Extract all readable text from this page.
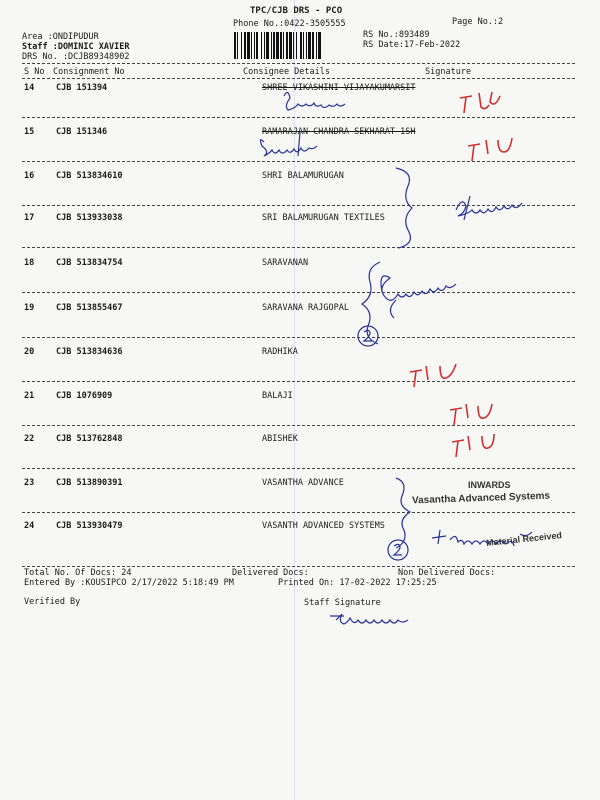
TPC/CJB DRS - PCO
Phone No.:0422-3505555	Page No.:2
RS No.:893489
RS Date:17-Feb-2022
Area :ONDIPUDUR
Staff :DOMINIC XAVIER
DRS No. :DCJB89348902
S No Consignment No	Consignee Details	Signature
14	CJB 151394	SHREE VIKASHINI VIJAYAKUMARSIT
15	CJB 151346	RAMARAJAN CHANDRA SEKHARAT 1SH
16	CJB 513834610	SHRI BALAMURUGAN
17	CJB 513933038	SRI BALAMURUGAN TEXTILES
18	CJB 513834754	SARAVANAN
19	CJB 513855467	SARAVANA RAJGOPAL
20	CJB 513834636	RADHIKA
21	CJB 1076909	BALAJI
22	CJB 513762848	ABISHEK
23	CJB 513890391	VASANTHA ADVANCE
24	CJB 513930479	VASANTH ADVANCED SYSTEMS
Total No. Of Docs: 24	Delivered Docs:	Non Delivered Docs:
Entered By :KOUSIPCO 2/17/2022 5:18:49 PM	Printed On: 17-02-2022 17:25:25
Verified By	Staff Signature
INWARDS
Vasantha Advanced Systems
Material Received
